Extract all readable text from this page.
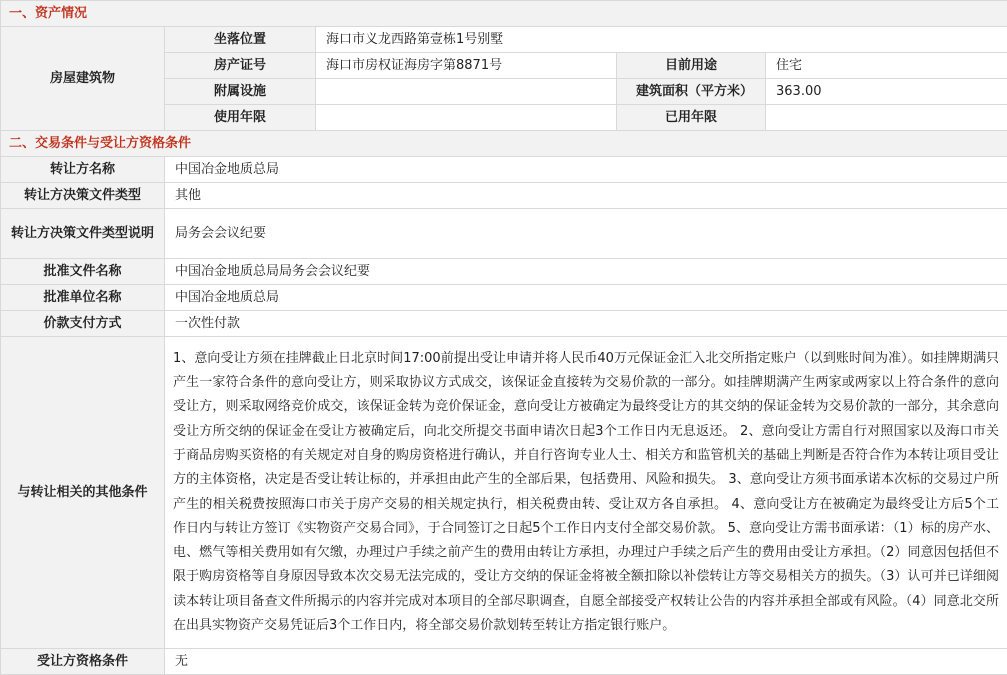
一、资产情况				
房屋建筑物	坐落位置	海口市义龙西路第壹栋1号别墅		
	房产证号	海口市房权证海房字第8871号	目前用途	住宅
	附属设施		建筑面积（平方米）	363.00
	使用年限		已用年限	
二、交易条件与受让方资格条件				
转让方名称	中国冶金地质总局			
转让方决策文件类型	其他			
转让方决策文件类型说明	局务会会议纪要			
批准文件名称	中国冶金地质总局局务会会议纪要			
批准单位名称	中国冶金地质总局			
价款支付方式	一次性付款			
与转让相关的其他条件	1、意向受让方须在挂牌截止日北京时间17:00前提出受让申请并将人民币40万元保证金汇入北交所指定账户（以到账时间为准）。如挂牌期满只产生一家符合条件的意向受让方，则采取协议方式成交，该保证金直接转为交易价款的一部分。如挂牌期满产生两家或两家以上符合条件的意向受让方，则采取网络竞价成交，该保证金转为竞价保证金，意向受让方被确定为最终受让方的其交纳的保证金转为交易价款的一部分，其余意向受让方所交纳的保证金在受让方被确定后，向北交所提交书面申请次日起3个工作日内无息返还。 2、意向受让方需自行对照国家以及海口市关于商品房购买资格的有关规定对自身的购房资格进行确认，并自行咨询专业人士、相关方和监管机关的基础上判断是否符合作为本转让项目受让方的主体资格，决定是否受让转让标的，并承担由此产生的全部后果，包括费用、风险和损失。 3、意向受让方须书面承诺本次标的交易过户所产生的相关税费按照海口市关于房产交易的相关规定执行，相关税费由转、受让双方各自承担。 4、意向受让方在被确定为最终受让方后5个工作日内与转让方签订《实物资产交易合同》，于合同签订之日起5个工作日内支付全部交易价款。 5、意向受让方需书面承诺：（1）标的房产水、电、燃气等相关费用如有欠缴，办理过户手续之前产生的费用由转让方承担，办理过户手续之后产生的费用由受让方承担。（2）同意因包括但不限于购房资格等自身原因导致本次交易无法完成的，受让方交纳的保证金将被全额扣除以补偿转让方等交易相关方的损失。（3）认可并已详细阅读本转让项目备查文件所揭示的内容并完成对本项目的全部尽职调查，自愿全部接受产权转让公告的内容并承担全部或有风险。（4）同意北交所在出具实物资产交易凭证后3个工作日内，将全部交易价款划转至转让方指定银行账户。			
受让方资格条件	无			
